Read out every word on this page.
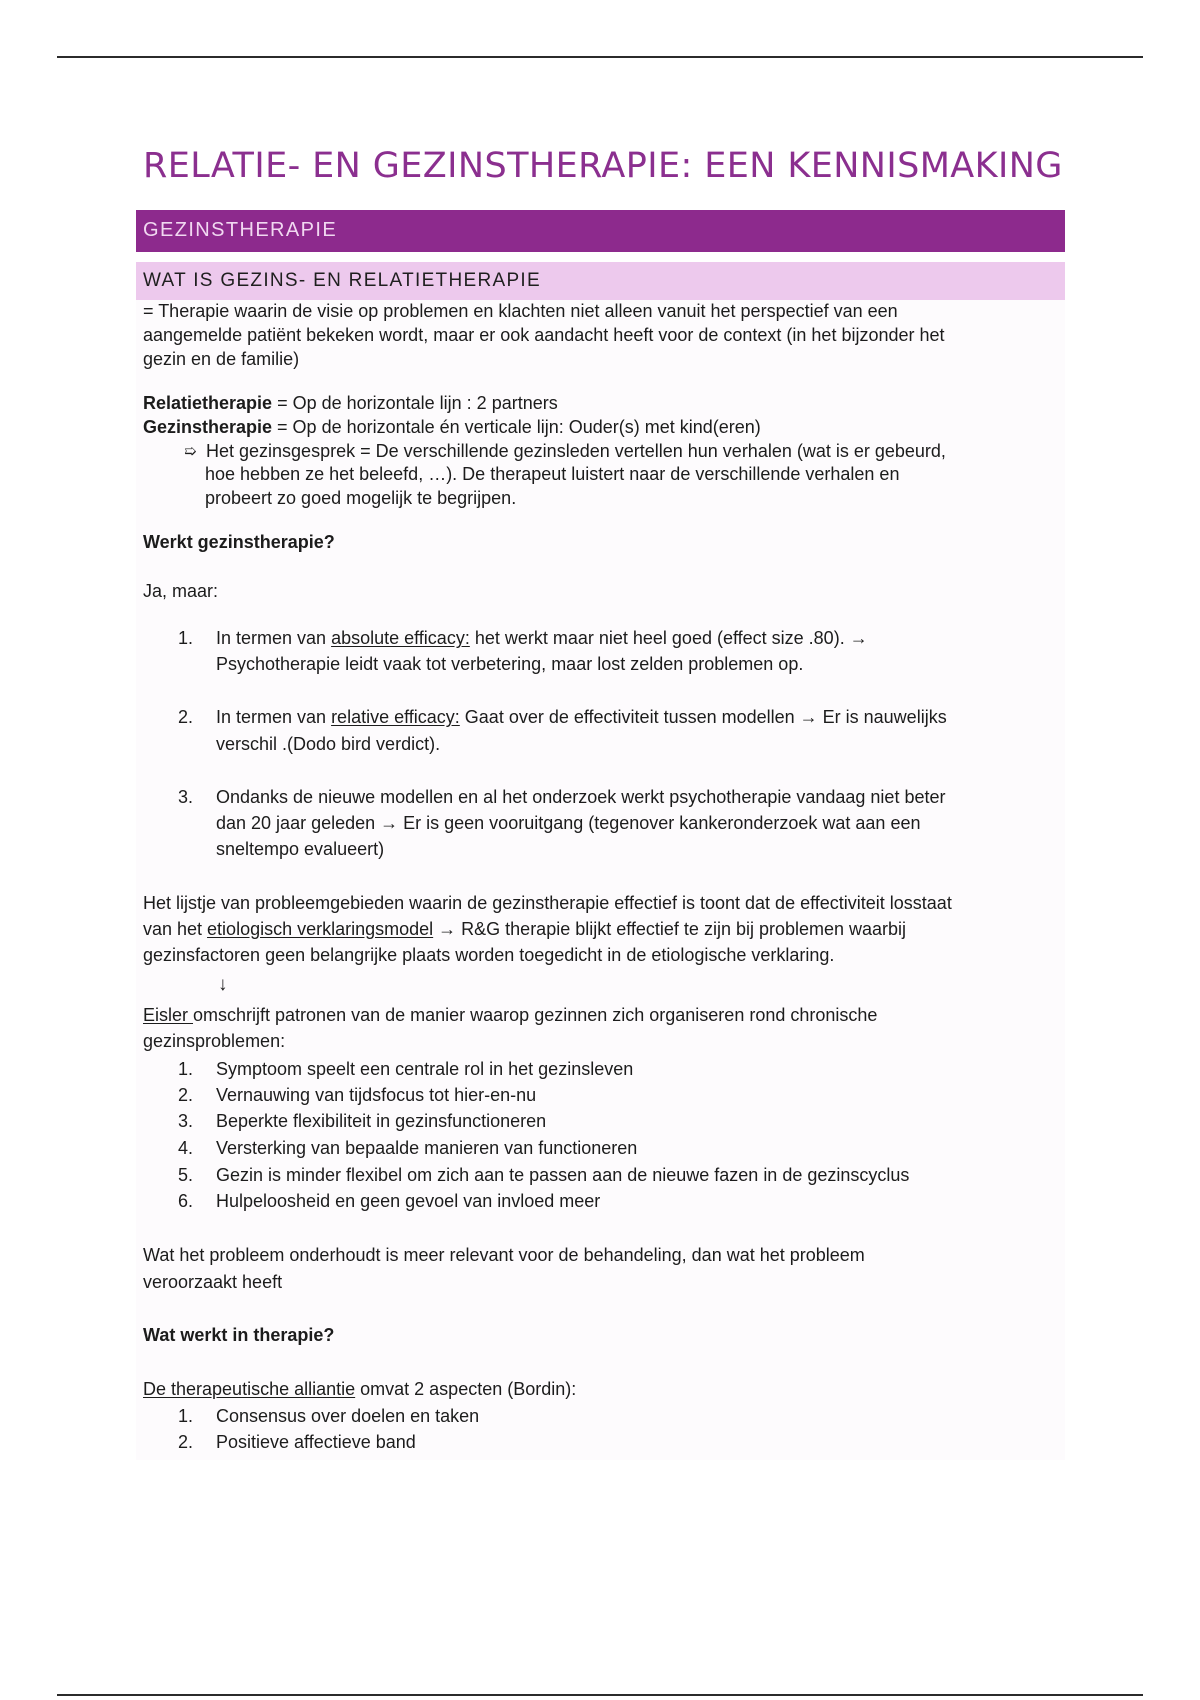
RELATIE- EN GEZINSTHERAPIE: EEN KENNISMAKING
GEZINSTHERAPIE
WAT IS GEZINS- EN RELATIETHERAPIE
= Therapie waarin de visie op problemen en klachten niet alleen vanuit het perspectief van een
aangemelde patiënt bekeken wordt, maar er ook aandacht heeft voor de context (in het bijzonder het
gezin en de familie)
Relatietherapie = Op de horizontale lijn : 2 partners
Gezinstherapie = Op de horizontale én verticale lijn: Ouder(s) met kind(eren)
➯ Het gezinsgesprek = De verschillende gezinsleden vertellen hun verhalen (wat is er gebeurd,
hoe hebben ze het beleefd, …). De therapeut luistert naar de verschillende verhalen en
probeert zo goed mogelijk te begrijpen.
Werkt gezinstherapie?
Ja, maar:
1. In termen van absolute efficacy: het werkt maar niet heel goed (effect size .80). →
Psychotherapie leidt vaak tot verbetering, maar lost zelden problemen op.
2. In termen van relative efficacy: Gaat over de effectiviteit tussen modellen → Er is nauwelijks
verschil .(Dodo bird verdict).
3. Ondanks de nieuwe modellen en al het onderzoek werkt psychotherapie vandaag niet beter
dan 20 jaar geleden → Er is geen vooruitgang (tegenover kankeronderzoek wat aan een
sneltempo evalueert)
Het lijstje van probleemgebieden waarin de gezinstherapie effectief is toont dat de effectiviteit losstaat
van het etiologisch verklaringsmodel → R&G therapie blijkt effectief te zijn bij problemen waarbij
gezinsfactoren geen belangrijke plaats worden toegedicht in de etiologische verklaring.
↓
Eisler omschrijft patronen van de manier waarop gezinnen zich organiseren rond chronische
gezinsproblemen:
1. Symptoom speelt een centrale rol in het gezinsleven
2. Vernauwing van tijdsfocus tot hier-en-nu
3. Beperkte flexibiliteit in gezinsfunctioneren
4. Versterking van bepaalde manieren van functioneren
5. Gezin is minder flexibel om zich aan te passen aan de nieuwe fazen in de gezinscyclus
6. Hulpeloosheid en geen gevoel van invloed meer
Wat het probleem onderhoudt is meer relevant voor de behandeling, dan wat het probleem
veroorzaakt heeft
Wat werkt in therapie?
De therapeutische alliantie omvat 2 aspecten (Bordin):
1. Consensus over doelen en taken
2. Positieve affectieve band
